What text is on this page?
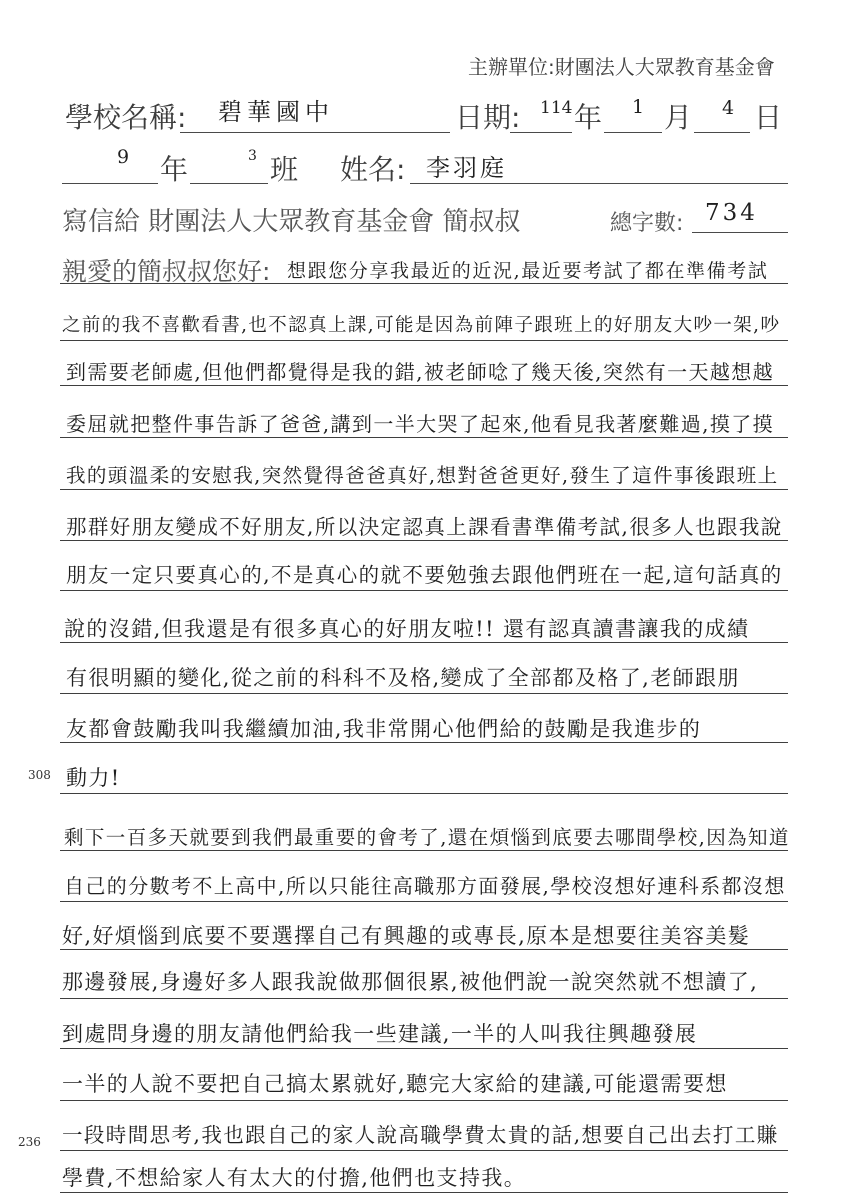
主辦單位:財團法人大眾教育基金會
學校名稱: 碧華國中	日期: 114 年 1 月 4 日
9 年	3 班 姓名: 李羽庭
寫信給 財團法人大眾教育基金會 簡叔叔	總字數: 734
親愛的簡叔叔您好: 想跟您分享我最近的近況,最近要考試了都在準備考試
之前的我不喜歡看書,也不認真上課,可能是因為前陣子跟班上的好朋友大吵一架,吵
到需要老師處,但他們都覺得是我的錯,被老師唸了幾天後,突然有一天越想越
委屈就把整件事告訴了爸爸,講到一半大哭了起來,他看見我著麼難過,摸了摸
我的頭溫柔的安慰我,突然覺得爸爸真好,想對爸爸更好,發生了這件事後跟班上
那群好朋友變成不好朋友,所以決定認真上課看書準備考試,很多人也跟我說
朋友一定只要真心的,不是真心的就不要勉強去跟他們班在一起,這句話真的
說的沒錯,但我還是有很多真心的好朋友啦!! 還有認真讀書讓我的成績
有很明顯的變化,從之前的科科不及格,變成了全部都及格了,老師跟朋
友都會鼓勵我叫我繼續加油,我非常開心他們給的鼓勵是我進步的
動力!
剩下一百多天就要到我們最重要的會考了,還在煩惱到底要去哪間學校,因為知道
自己的分數考不上高中,所以只能往高職那方面發展,學校沒想好連科系都沒想
好,好煩惱到底要不要選擇自己有興趣的或專長,原本是想要往美容美髮
那邊發展,身邊好多人跟我說做那個很累,被他們說一說突然就不想讀了,
到處問身邊的朋友請他們給我一些建議,一半的人叫我往興趣發展
一半的人說不要把自己搞太累就好,聽完大家給的建議,可能還需要想
一段時間思考,我也跟自己的家人說高職學費太貴的話,想要自己出去打工賺
學費,不想給家人有太大的付擔,他們也支持我。
308
236
